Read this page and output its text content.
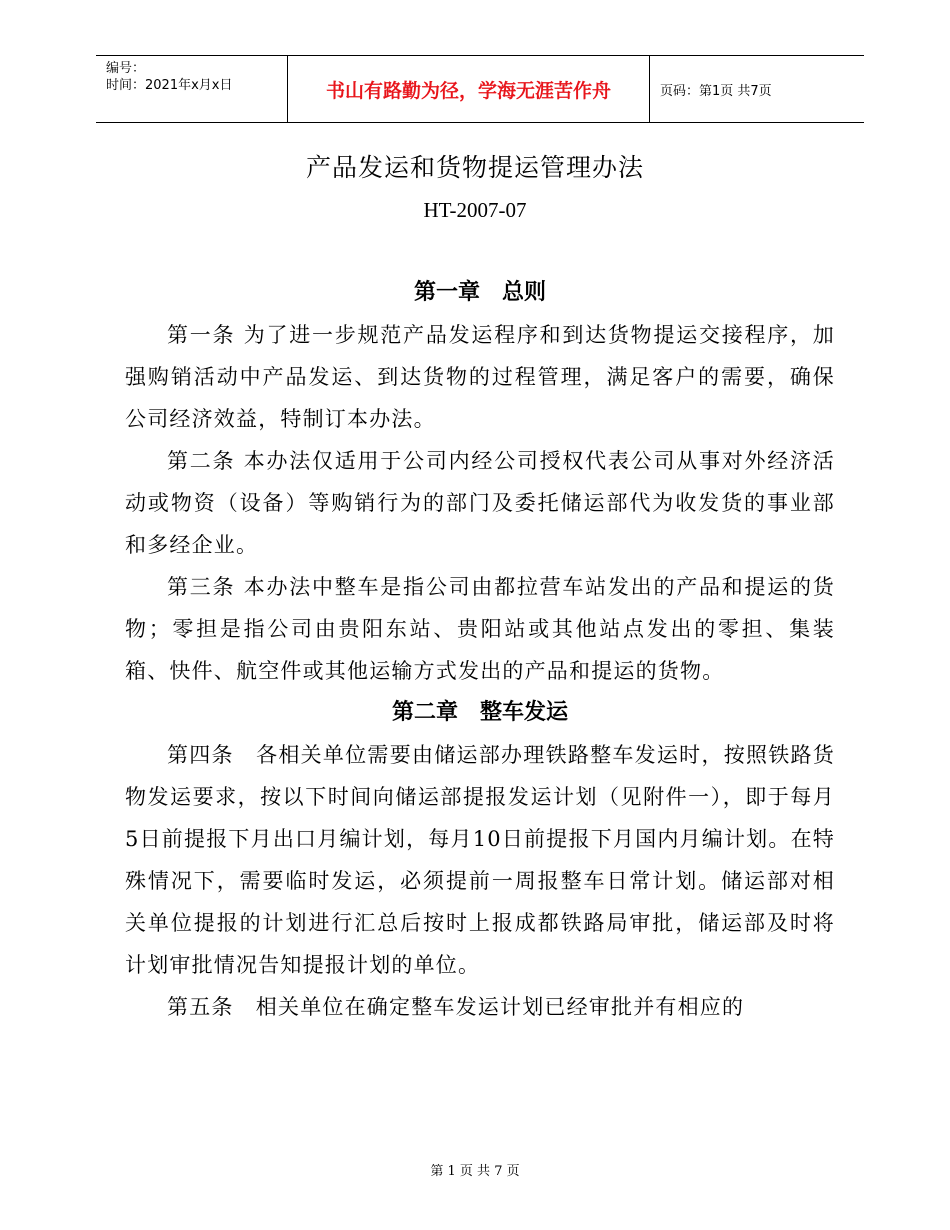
编号：
时间：2021年x月x日	书山有路勤为径，学海无涯苦作舟	页码：第1页 共7页
产品发运和货物提运管理办法
HT-2007-07
第一章　总则

第一条 为了进一步规范产品发运程序和到达货物提运交接程序，加强购销活动中产品发运、到达货物的过程管理，满足客户的需要，确保公司经济效益，特制订本办法。

第二条 本办法仅适用于公司内经公司授权代表公司从事对外经济活动或物资（设备）等购销行为的部门及委托储运部代为收发货的事业部和多经企业。

第三条 本办法中整车是指公司由都拉营车站发出的产品和提运的货物；零担是指公司由贵阳东站、贵阳站或其他站点发出的零担、集装箱、快件、航空件或其他运输方式发出的产品和提运的货物。

第二章　整车发运

第四条　各相关单位需要由储运部办理铁路整车发运时，按照铁路货物发运要求，按以下时间向储运部提报发运计划（见附件一），即于每月5日前提报下月出口月编计划，每月10日前提报下月国内月编计划。在特殊情况下，需要临时发运，必须提前一周报整车日常计划。储运部对相关单位提报的计划进行汇总后按时上报成都铁路局审批，储运部及时将计划审批情况告知提报计划的单位。

第五条　相关单位在确定整车发运计划已经审批并有相应的

第 1 页 共 7 页
